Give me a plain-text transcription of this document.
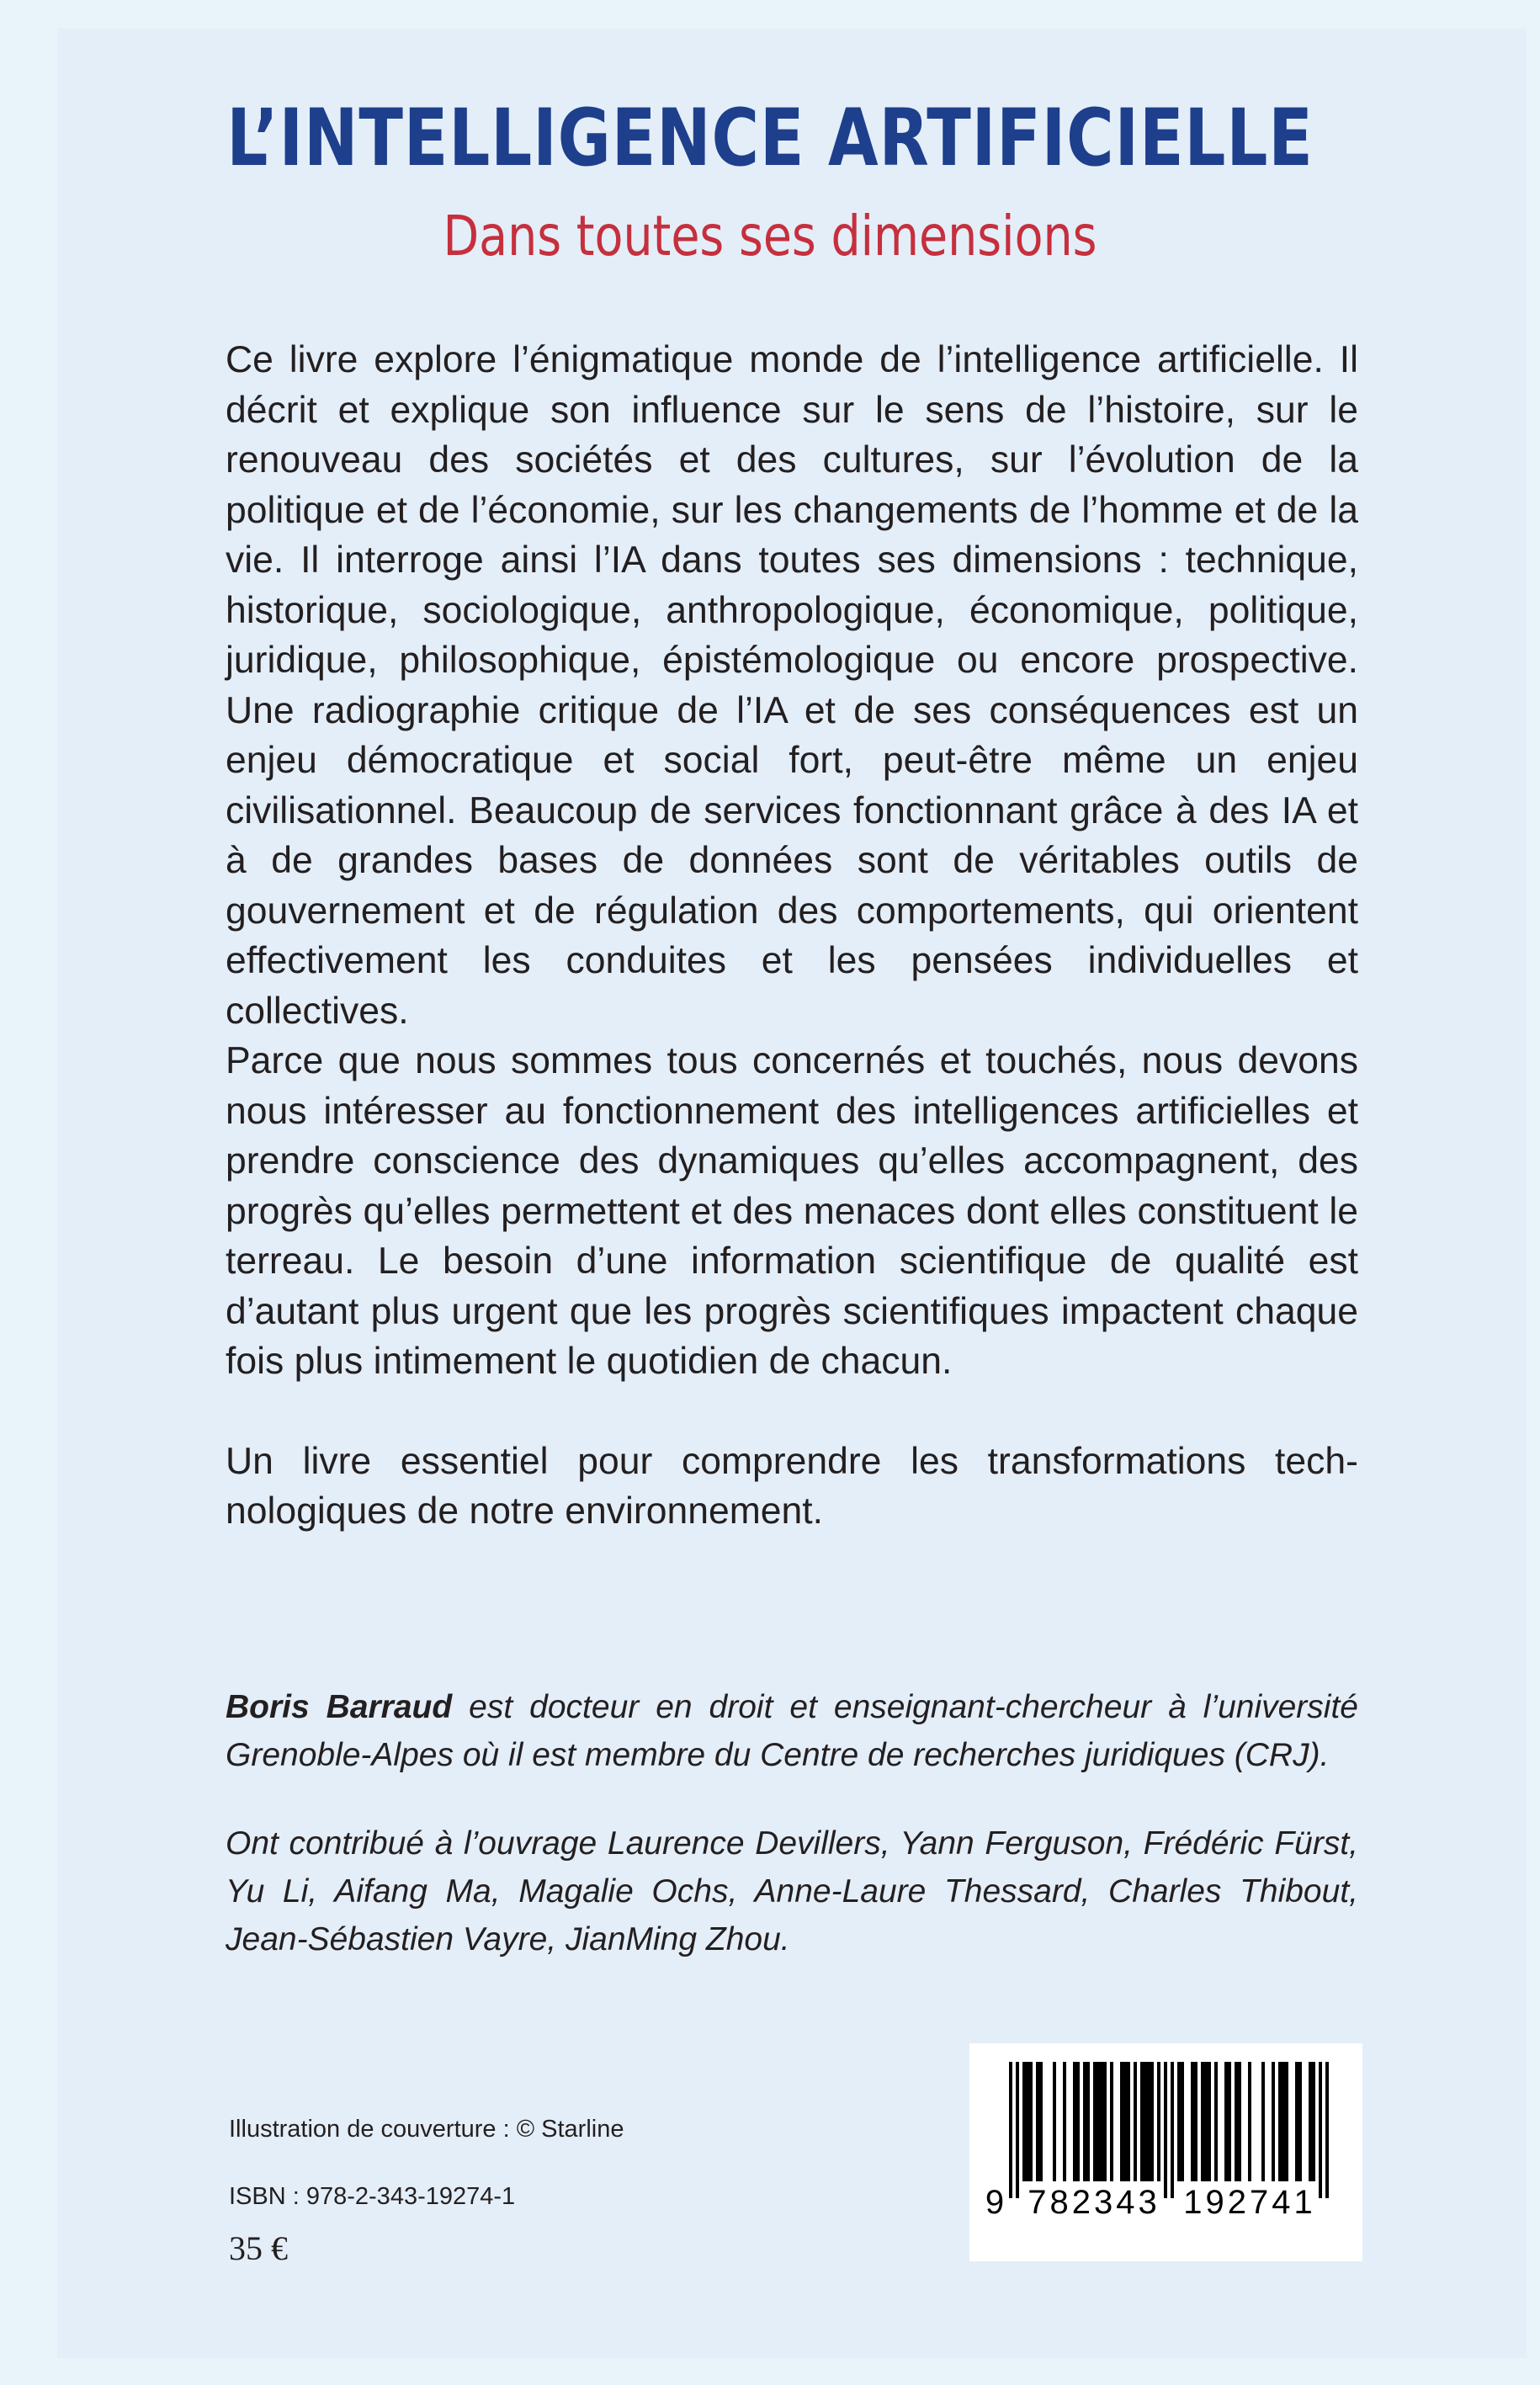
L’INTELLIGENCE ARTIFICIELLE
Dans toutes ses dimensions

Ce livre explore l’énigmatique monde de l’intelligence artificielle. Il décrit et explique son influence sur le sens de l’histoire, sur le renouveau des sociétés et des cultures, sur l’évolution de la politique et de l’économie, sur les changements de l’homme et de la vie. Il interroge ainsi l’IA dans toutes ses dimensions : technique, historique, sociologique, anthropologique, économique, politique, juridique, philosophique, épistémologique ou encore prospective. Une radiographie critique de l’IA et de ses conséquences est un enjeu démocratique et social fort, peut-être même un enjeu civilisationnel. Beaucoup de services fonctionnant grâce à des IA et à de grandes bases de données sont de véritables outils de gouvernement et de régulation des comportements, qui orientent effectivement les conduites et les pensées individuelles et collectives.

Parce que nous sommes tous concernés et touchés, nous devons nous intéresser au fonctionnement des intelligences artificielles et prendre conscience des dynamiques qu’elles accompagnent, des progrès qu’elles permettent et des menaces dont elles constituent le terreau. Le besoin d’une information scientifique de qualité est d’autant plus urgent que les progrès scientifiques impactent chaque fois plus intimement le quotidien de chacun.

Un livre essentiel pour comprendre les transformations technologiques de notre environnement.

Boris Barraud est docteur en droit et enseignant-chercheur à l’université Grenoble-Alpes où il est membre du Centre de recherches juridiques (CRJ).

Ont contribué à l’ouvrage Laurence Devillers, Yann Ferguson, Frédéric Fürst, Yu Li, Aifang Ma, Magalie Ochs, Anne-Laure Thessard, Charles Thibout, Jean-Sébastien Vayre, JianMing Zhou.

Illustration de couverture : © Starline
ISBN : 978-2-343-19274-1
35 €
9 782343 192741
